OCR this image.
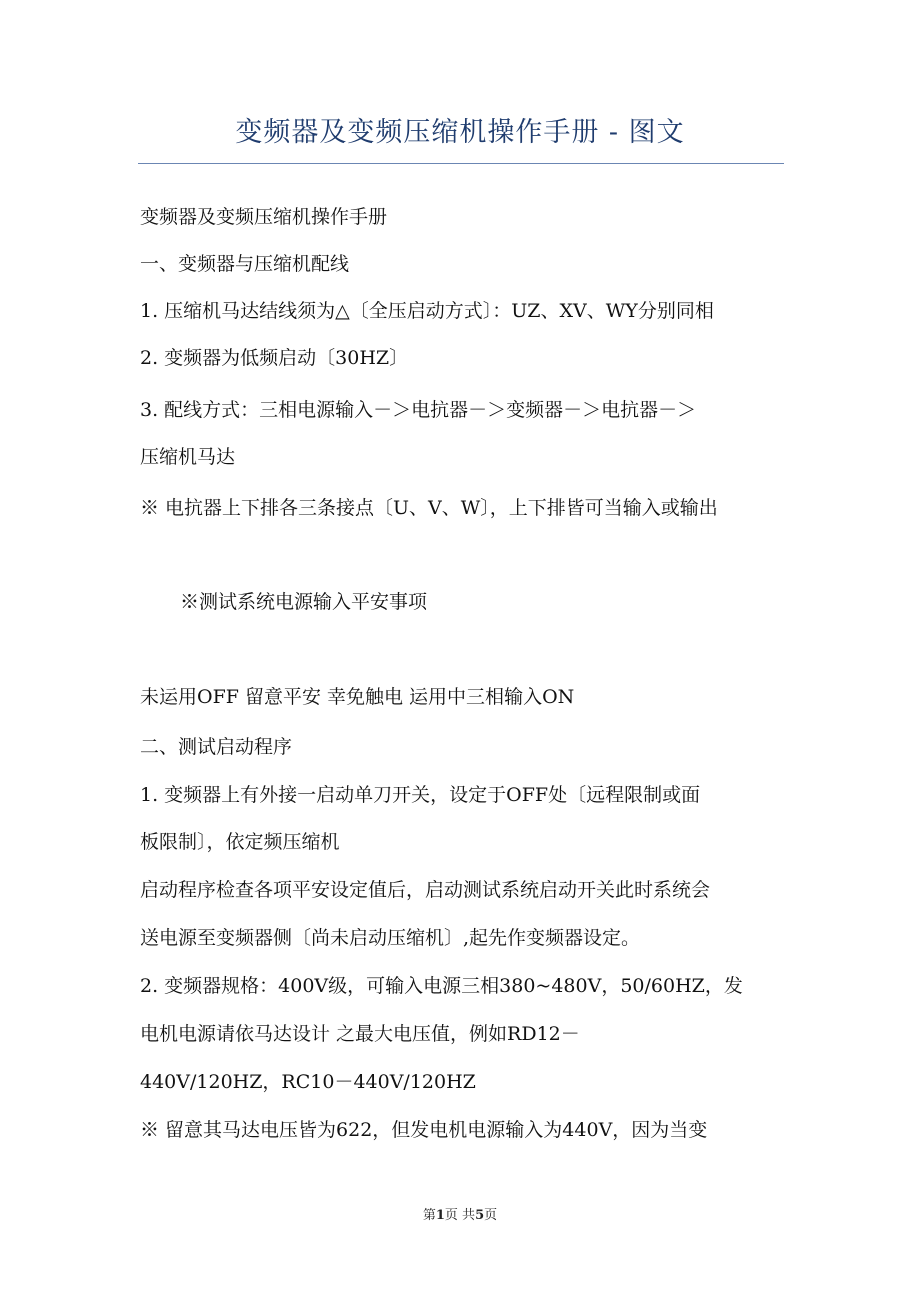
变频器及变频压缩机操作手册 - 图文
变频器及变频压缩机操作手册
一、变频器与压缩机配线
1. 压缩机马达结线须为△〔全压启动方式〕：UZ、XV、WY分别同相
2. 变频器为低频启动〔30HZ〕
3. 配线方式：三相电源输入－＞电抗器－＞变频器－＞电抗器－＞
压缩机马达
※ 电抗器上下排各三条接点〔U、V、W〕，上下排皆可当输入或输出
※测试系统电源输入平安事项
未运用OFF 留意平安 幸免触电 运用中三相输入ON
二、测试启动程序
1. 变频器上有外接一启动单刀开关，设定于OFF处〔远程限制或面
板限制〕，依定频压缩机
启动程序检查各项平安设定值后，启动测试系统启动开关此时系统会
送电源至变频器侧〔尚未启动压缩机〕,起先作变频器设定。
2. 变频器规格：400V级，可输入电源三相380~480V，50/60HZ，发
电机电源请依马达设计 之最大电压值，例如RD12－
440V/120HZ，RC10－440V/120HZ
※ 留意其马达电压皆为622，但发电机电源输入为440V，因为当变
第1页 共5页
